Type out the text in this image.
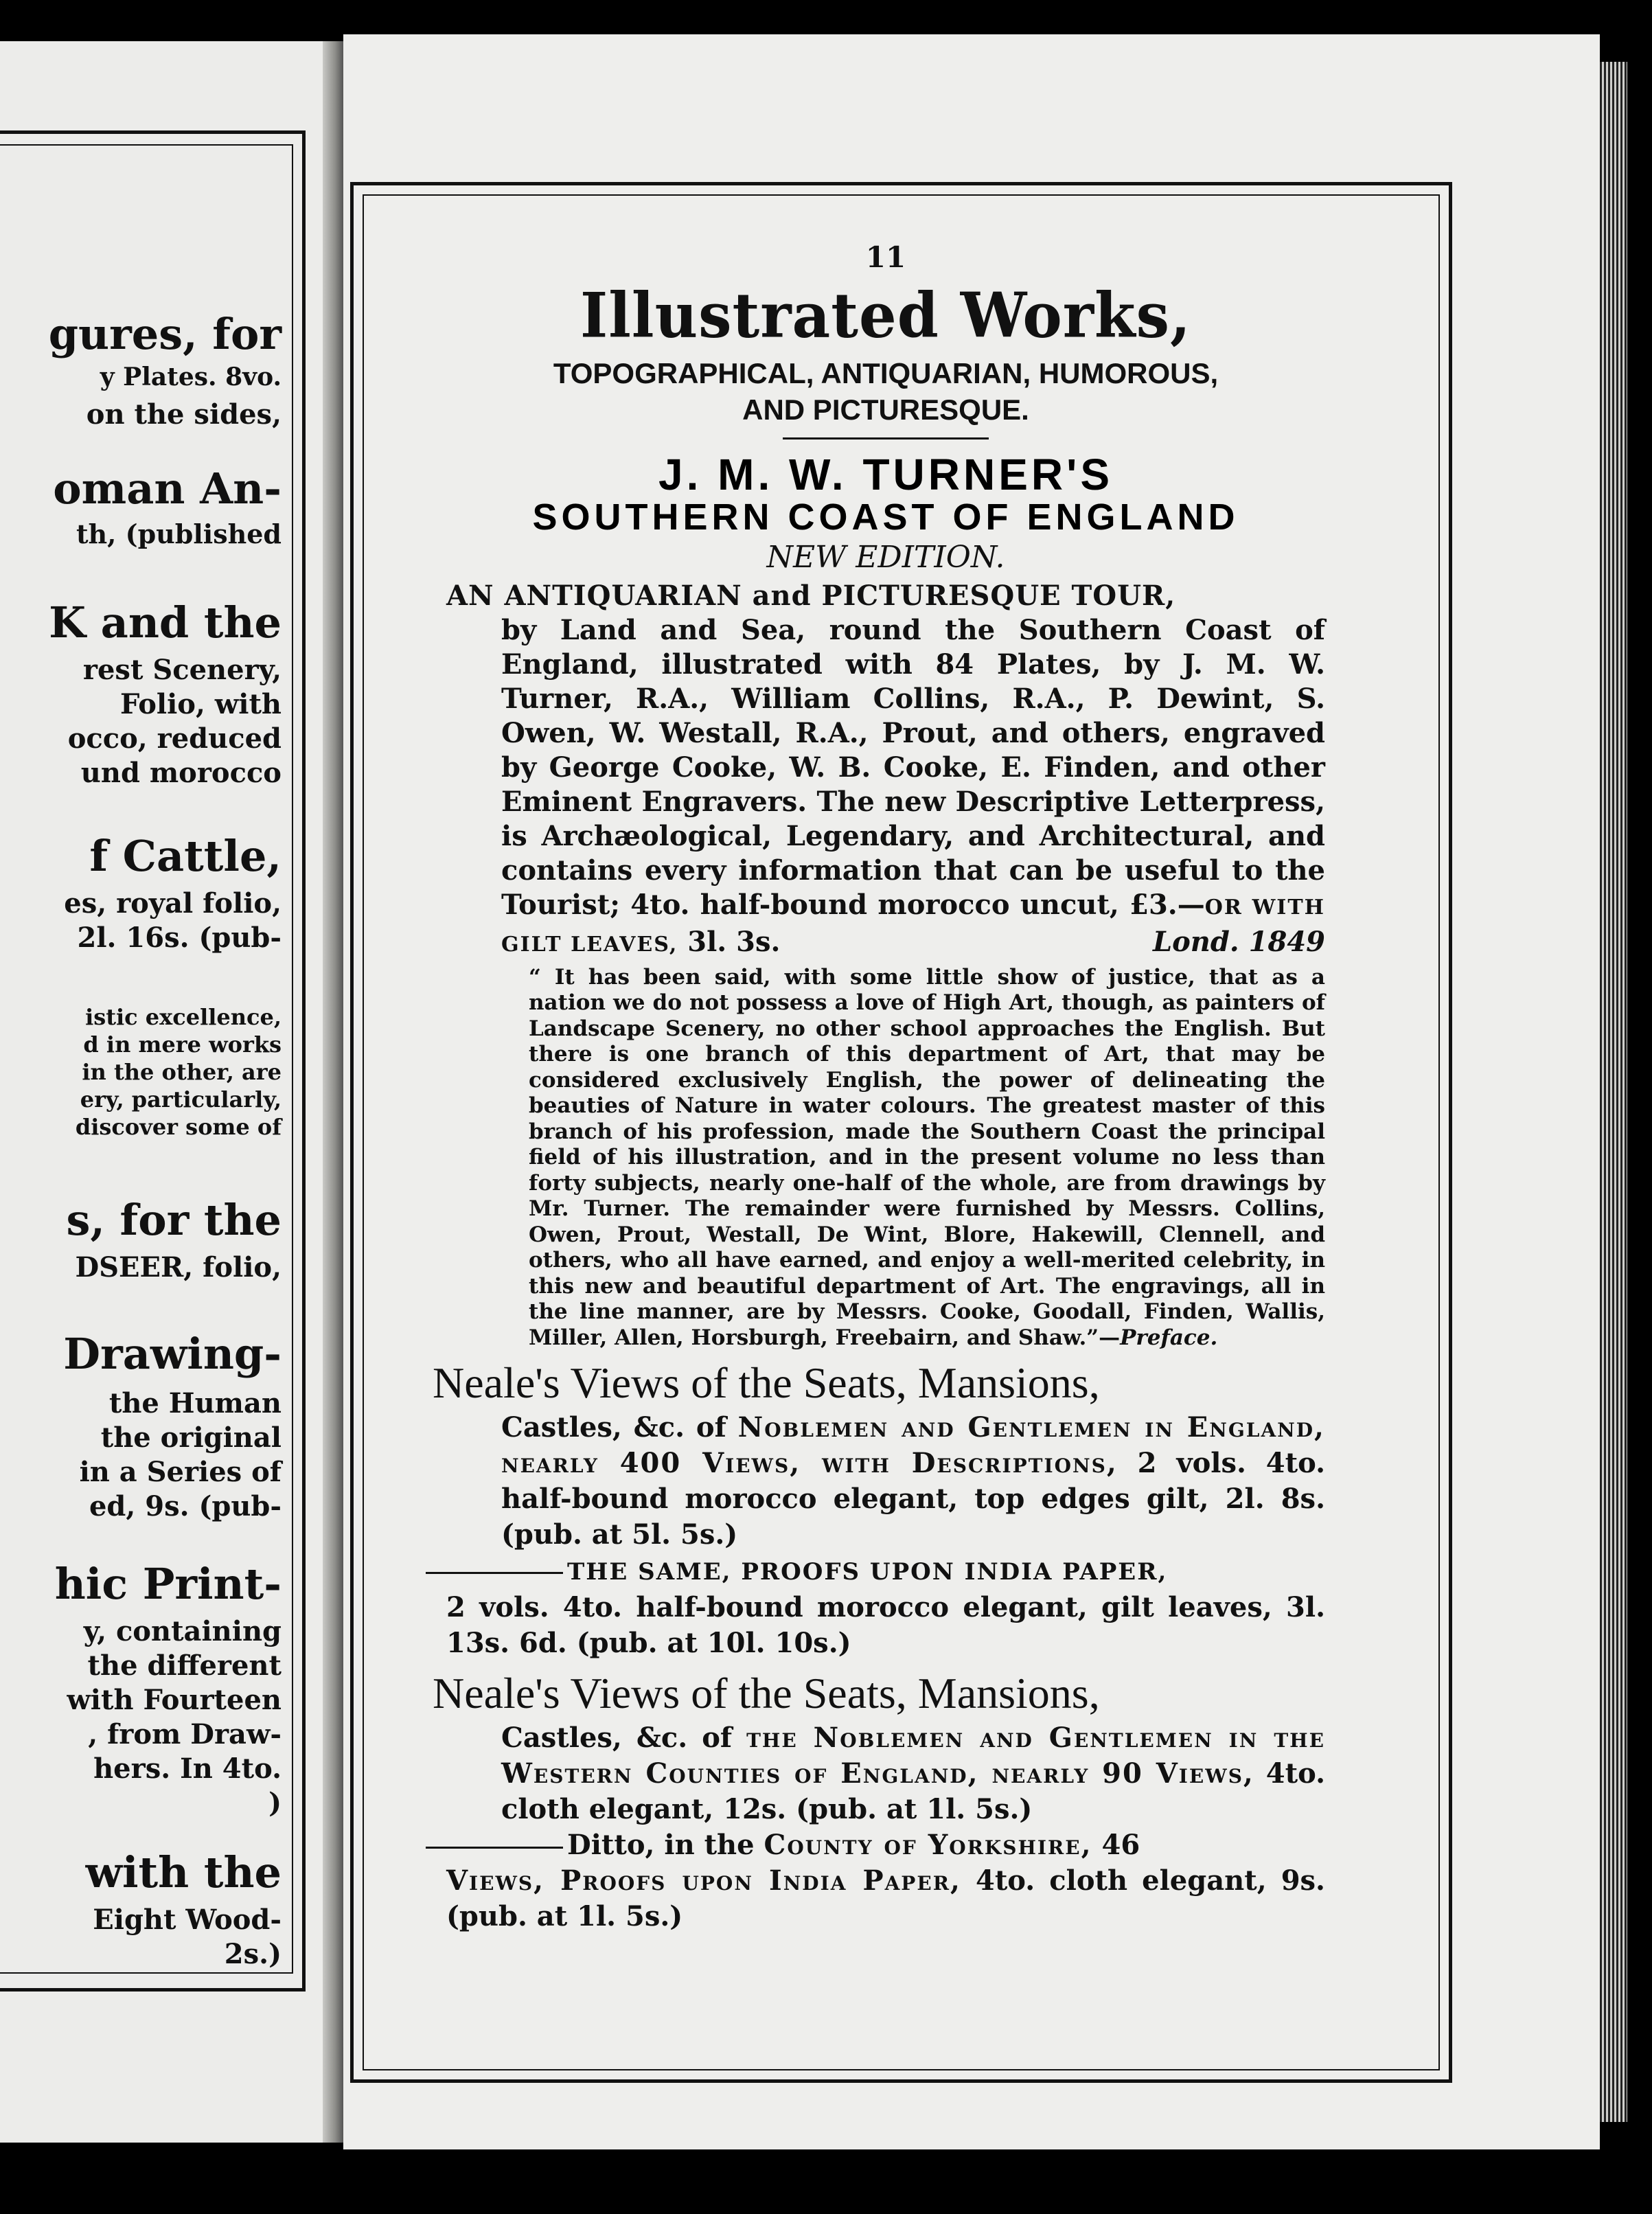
gures, for
y Plates. 8vo.
on the sides,
oman An-
th, (published
K and the
rest Scenery,
Folio, with
occo, reduced
und morocco
f Cattle,
es, royal folio,
2l. 16s. (pub-
istic excellence,
d in mere works
in the other, are
ery, particularly,
discover some of
s, for the
DSEER, folio,
Drawing-
the Human
the original
in a Series of
ed, 9s. (pub-
hic Print-
y, containing
the different
with Fourteen
, from Draw-
hers. In 4to.
)
with the
Eight Wood-
2s.)
11
Illustrated Works,
TOPOGRAPHICAL, ANTIQUARIAN, HUMOROUS,
AND PICTURESQUE.
J. M. W. TURNER'S
SOUTHERN COAST OF ENGLAND
NEW EDITION.
AN ANTIQUARIAN and PICTURESQUE TOUR,
by Land and Sea, round the Southern Coast of England, illustrated with 84 Plates, by J. M. W. Turner, R.A., William Collins, R.A., P. Dewint, S. Owen, W. Westall, R.A., Prout, and others, engraved by George Cooke, W. B. Cooke, E. Finden, and other Eminent Engravers. The new Descriptive Letterpress, is Archæological, Legendary, and Architectural, and contains every information that can be useful to the Tourist; 4to. half-bound morocco uncut, £3.—OR WITH GILT LEAVES, 3l. 3s.	Lond. 1849
“ It has been said, with some little show of justice, that as a nation we do not possess a love of High Art, though, as painters of Landscape Scenery, no other school approaches the English. But there is one branch of this department of Art, that may be considered exclusively English, the power of delineating the beauties of Nature in water colours. The greatest master of this branch of his profession, made the Southern Coast the principal field of his illustration, and in the present volume no less than forty subjects, nearly one-half of the whole, are from drawings by Mr. Turner. The remainder were furnished by Messrs. Collins, Owen, Prout, Westall, De Wint, Blore, Hakewill, Clennell, and others, who all have earned, and enjoy a well-merited celebrity, in this new and beautiful department of Art. The engravings, all in the line manner, are by Messrs. Cooke, Goodall, Finden, Wallis, Miller, Allen, Horsburgh, Freebairn, and Shaw.”—Preface.
Neale's Views of the Seats, Mansions,
Castles, &c. of Noblemen and Gentlemen in England, nearly 400 Views, with Descriptions, 2 vols. 4to. half-bound morocco elegant, top edges gilt, 2l. 8s. (pub. at 5l. 5s.)
THE SAME, PROOFS UPON INDIA PAPER,
2 vols. 4to. half-bound morocco elegant, gilt leaves, 3l. 13s. 6d. (pub. at 10l. 10s.)
Neale's Views of the Seats, Mansions,
Castles, &c. of the Noblemen and Gentlemen in the Western Counties of England, nearly 90 Views, 4to. cloth elegant, 12s. (pub. at 1l. 5s.)
Ditto, in the County of Yorkshire, 46
Views, Proofs upon India Paper, 4to. cloth elegant, 9s. (pub. at 1l. 5s.)
